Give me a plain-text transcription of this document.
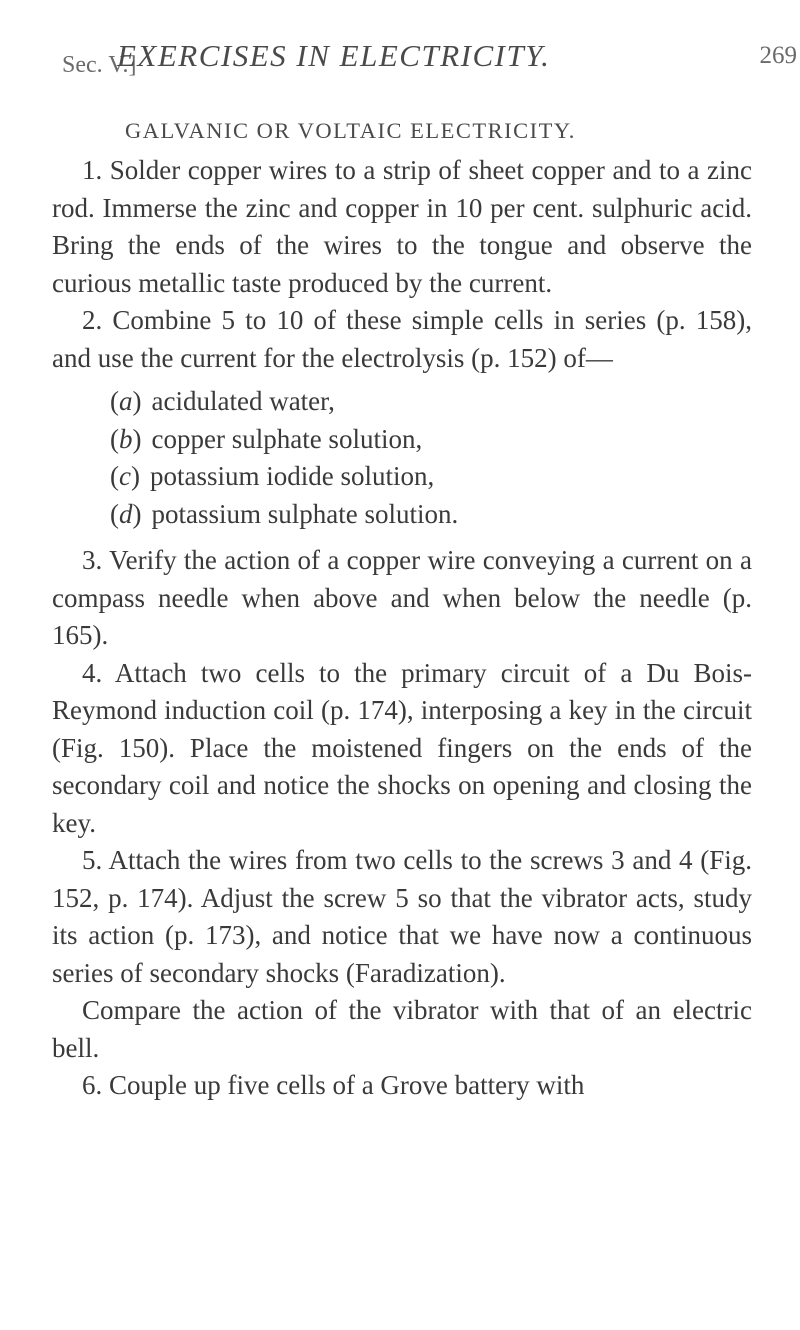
Sec. V.]
EXERCISES IN ELECTRICITY.	269
GALVANIC OR VOLTAIC ELECTRICITY.

1. Solder copper wires to a strip of sheet copper and to a zinc rod. Immerse the zinc and copper in 10 per cent. sulphuric acid. Bring the ends of the wires to the tongue and observe the curious metallic taste produced by the current.

2. Combine 5 to 10 of these simple cells in series (p. 158), and use the current for the electrolysis (p. 152) of—

(a) acidulated water,
(b) copper sulphate solution,
(c) potassium iodide solution,
(d) potassium sulphate solution.

3. Verify the action of a copper wire conveying a current on a compass needle when above and when below the needle (p. 165).

4. Attach two cells to the primary circuit of a Du Bois-Reymond induction coil (p. 174), interposing a key in the circuit (Fig. 150). Place the moistened fingers on the ends of the secondary coil and notice the shocks on opening and closing the key.

5. Attach the wires from two cells to the screws 3 and 4 (Fig. 152, p. 174). Adjust the screw 5 so that the vibrator acts, study its action (p. 173), and notice that we have now a continuous series of secondary shocks (Faradization).

Compare the action of the vibrator with that of an electric bell.

6. Couple up five cells of a Grove battery with
